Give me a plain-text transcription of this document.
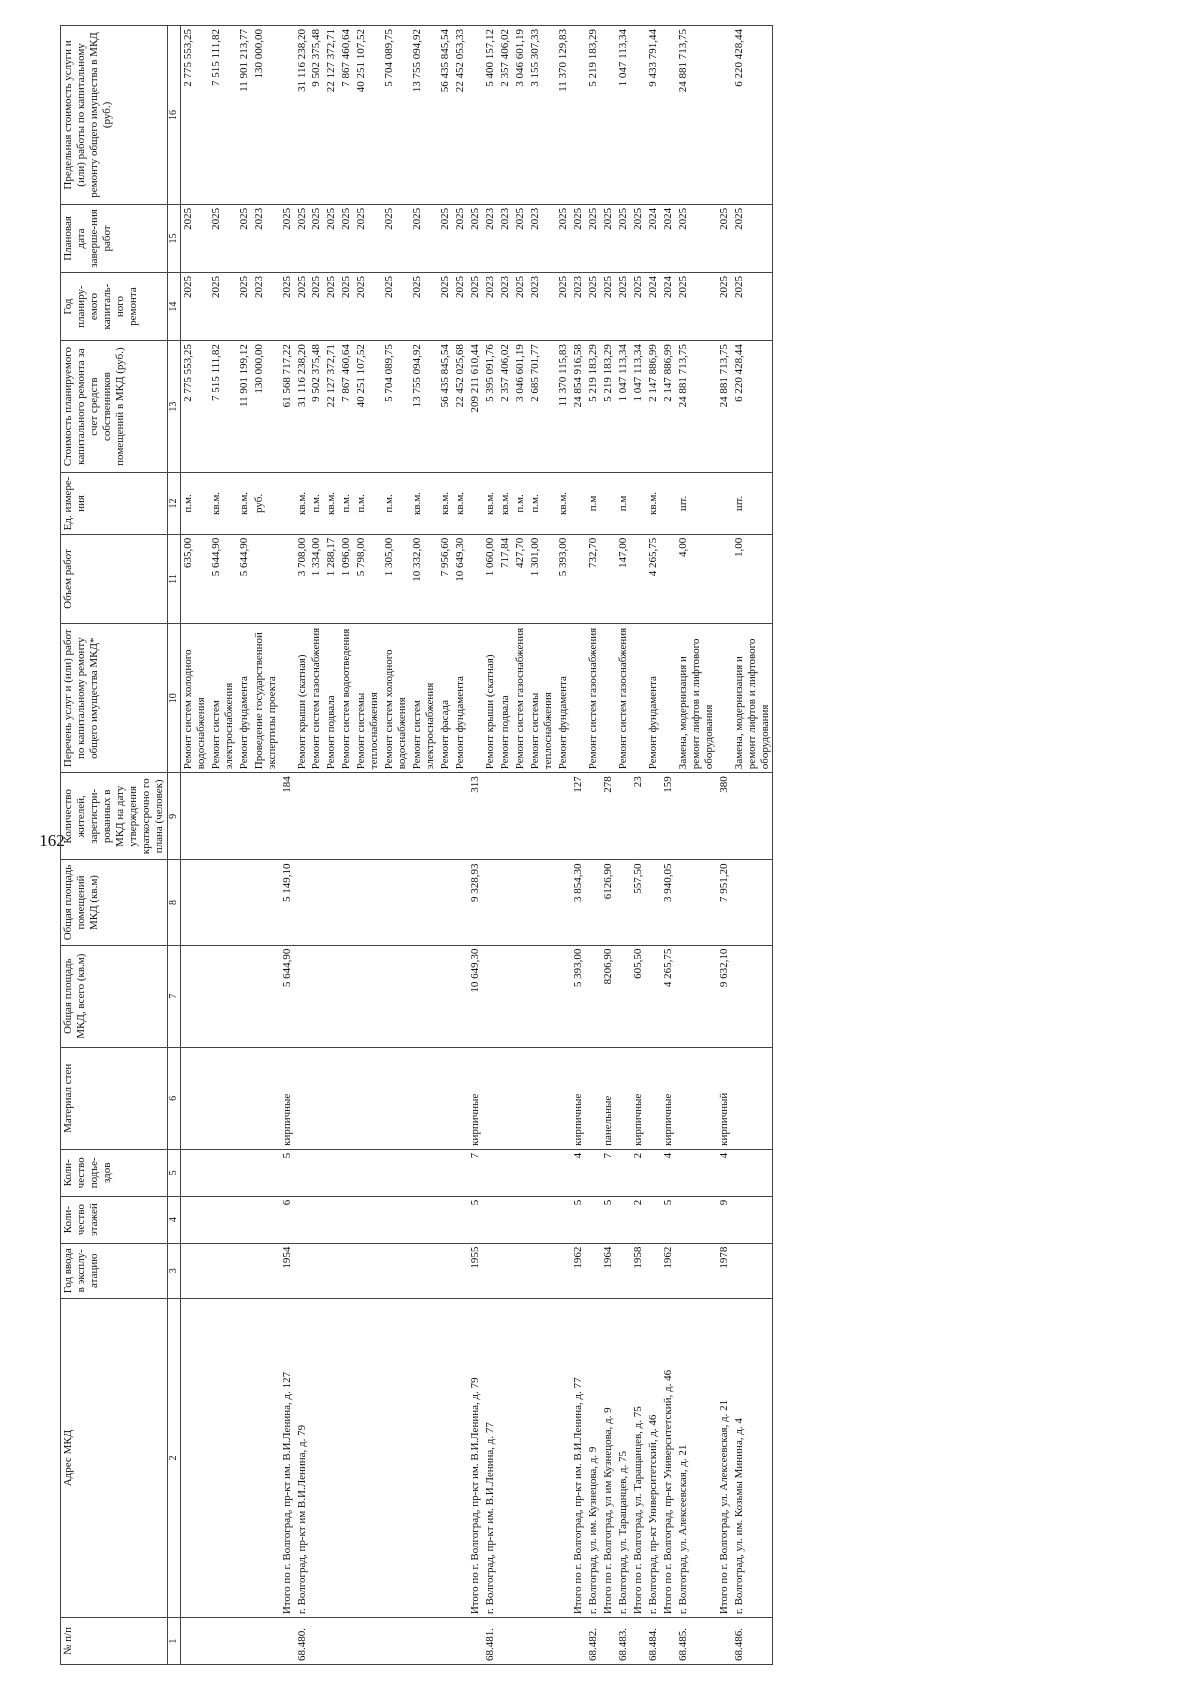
162
№ п/п	Адрес МКД	Год ввода в эксплу-атацию	Коли-чество этажей	Коли-чество подъе-здов	Материал стен	Общая площадь МКД, всего (кв.м)	Общая площадь помещений МКД (кв.м)	Количество жителей, зарегистри-рованных в МКД на дату утверждения краткосрочно го плана (человек)	Перечень услуг и (или) работ по капитальному ремонту общего имущества МКД*	Объем работ	Ед. измере-ния	Стоимость планируемого капитального ремонта за счет средств собственников помещений в МКД (руб.)	Год планиру-емого капиталь-ного ремонта	Плановая дата заверше-ния работ	Предельная стоимость услуги и (или) работы по капитальному ремонту общего имущества в МКД (руб.)
1	2	3	4	5	6	7	8	9	10	11	12	13	14	15	16
									Ремонт систем холодного водоснабжения	635,00	п.м.	2 775 553,25	2025	2025	2 775 553,25
									Ремонт систем электроснабжения	5 644,90	кв.м.	7 515 111,82	2025	2025	7 515 111,82
									Ремонт фундамента	5 644,90	кв.м.	11 901 199,12	2025	2025	11 901 213,77
									Проведение государственной экспертизы проекта		руб.	130 000,00	2023	2023	130 000,00
	Итого по г. Волгоград, пр-кт им. В.И.Ленина, д. 127	1954	6	5	кирпичные	5 644,90	5 149,10	184				61 568 717,22	2025	2025	
68.480.	г. Волгоград, пр-кт им В.И.Ленина, д. 79								Ремонт крыши (скатная)	3 708,00	кв.м.	31 116 238,20	2025	2025	31 116 238,20
									Ремонт систем газоснабжения	1 334,00	п.м.	9 502 375,48	2025	2025	9 502 375,48
									Ремонт подвала	1 288,17	кв.м.	22 127 372,71	2025	2025	22 127 372,71
									Ремонт систем водоотведения	1 096,00	п.м.	7 867 460,64	2025	2025	7 867 460,64
									Ремонт системы теплоснабжения	5 798,00	п.м.	40 251 107,52	2025	2025	40 251 107,52
									Ремонт систем холодного водоснабжения	1 305,00	п.м.	5 704 089,75	2025	2025	5 704 089,75
									Ремонт систем электроснабжения	10 332,00	кв.м.	13 755 094,92	2025	2025	13 755 094,92
									Ремонт фасада	7 956,60	кв.м.	56 435 845,54	2025	2025	56 435 845,54
									Ремонт фундамента	10 649,30	кв.м.	22 452 025,68	2025	2025	22 452 053,33
	Итого по г. Волгоград, пр-кт им. В.И.Ленина, д. 79	1955	5	7	кирпичные	10 649,30	9 328,93	313				209 211 610,44	2025	2025	
68.481.	г. Волгоград, пр-кт им. В.И.Ленина, д. 77								Ремонт крыши (скатная)	1 060,00	кв.м.	5 395 091,76	2023	2023	5 400 157,12
									Ремонт подвала	717,84	кв.м.	2 357 406,02	2023	2023	2 357 406,02
									Ремонт систем газоснабжения	427,70	п.м.	3 046 601,19	2025	2025	3 046 601,19
									Ремонт системы теплоснабжения	1 301,00	п.м.	2 685 701,77	2023	2023	3 155 307,33
									Ремонт фундамента	5 393,00	кв.м.	11 370 115,83	2025	2025	11 370 129,83
	Итого по г. Волгоград, пр-кт им. В.И.Ленина, д. 77	1962	5	4	кирпичные	5 393,00	3 854,30	127				24 854 916,58	2023	2025	
68.482.	г. Волгоград, ул. им. Кузнецова, д. 9								Ремонт систем газоснабжения	732,70	п.м	5 219 183,29	2025	2025	5 219 183,29
	Итого по г. Волгоград, ул им Кузнецова, д. 9	1964	5	7	панельные	8206,90	6126,90	278				5 219 183,29	2025	2025	
68.483.	г. Волгоград, ул. Таращанцев, д. 75								Ремонт систем газоснабжения	147,00	п.м	1 047 113,34	2025	2025	1 047 113,34
	Итого по г. Волгоград, ул. Таращанцев, д. 75	1958	2	2	кирпичные	605,50	557,50	23				1 047 113,34	2025	2025	
68.484.	г. Волгоград, пр-кт Университетский, д. 46								Ремонт фундамента	4 265,75	кв.м.	2 147 886,99	2024	2024	9 433 791,44
	Итого по г. Волгоград, пр-кт Университетский, д. 46	1962	5	4	кирпичные	4 265,75	3 940,05	159				2 147 886,99	2024	2024	
68.485.	г. Волгоград, ул. Алексеевская, д. 21								Замена, модернизация и ремонт лифтов и лифтового оборудования	4,00	шт.	24 881 713,75	2025	2025	24 881 713,75
	Итого по г. Волгоград, ул. Алексеевская, д. 21	1978	9	4	кирпичный	9 632,10	7 951,20	380				24 881 713,75	2025	2025	
68.486.	г. Волгоград, ул. им. Козьмы Минина, д. 4								Замена, модернизация и ремонт лифтов и лифтового оборудования	1,00	шт.	6 220 428,44	2025	2025	6 220 428,44
